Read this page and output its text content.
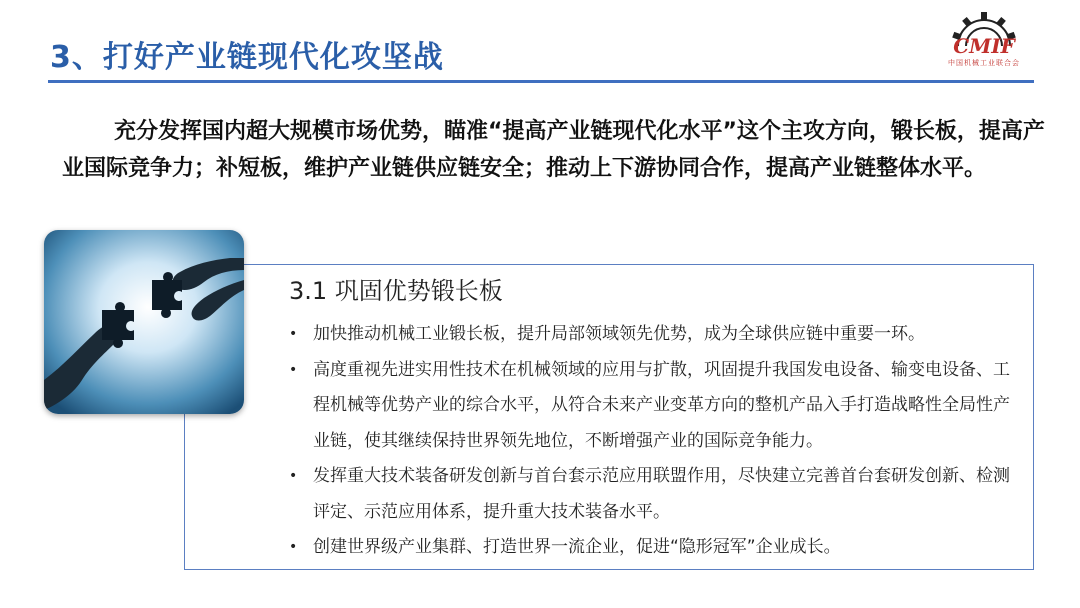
3、打好产业链现代化攻坚战	CMIF
中国机械工业联合会
充分发挥国内超大规模市场优势，瞄准“提高产业链现代化水平”这个主攻方向，锻长板，提高产业国际竞争力；补短板，维护产业链供应链安全；推动上下游协同合作，提高产业链整体水平。
3.1 巩固优势锻长板
• 加快推动机械工业锻长板，提升局部领域领先优势，成为全球供应链中重要一环。
• 高度重视先进实用性技术在机械领域的应用与扩散，巩固提升我国发电设备、输变电设备、工程机械等优势产业的综合水平，从符合未来产业变革方向的整机产品入手打造战略性全局性产业链，使其继续保持世界领先地位，不断增强产业的国际竞争能力。
• 发挥重大技术装备研发创新与首台套示范应用联盟作用，尽快建立完善首台套研发创新、检测评定、示范应用体系，提升重大技术装备水平。
• 创建世界级产业集群、打造世界一流企业，促进“隐形冠军”企业成长。
